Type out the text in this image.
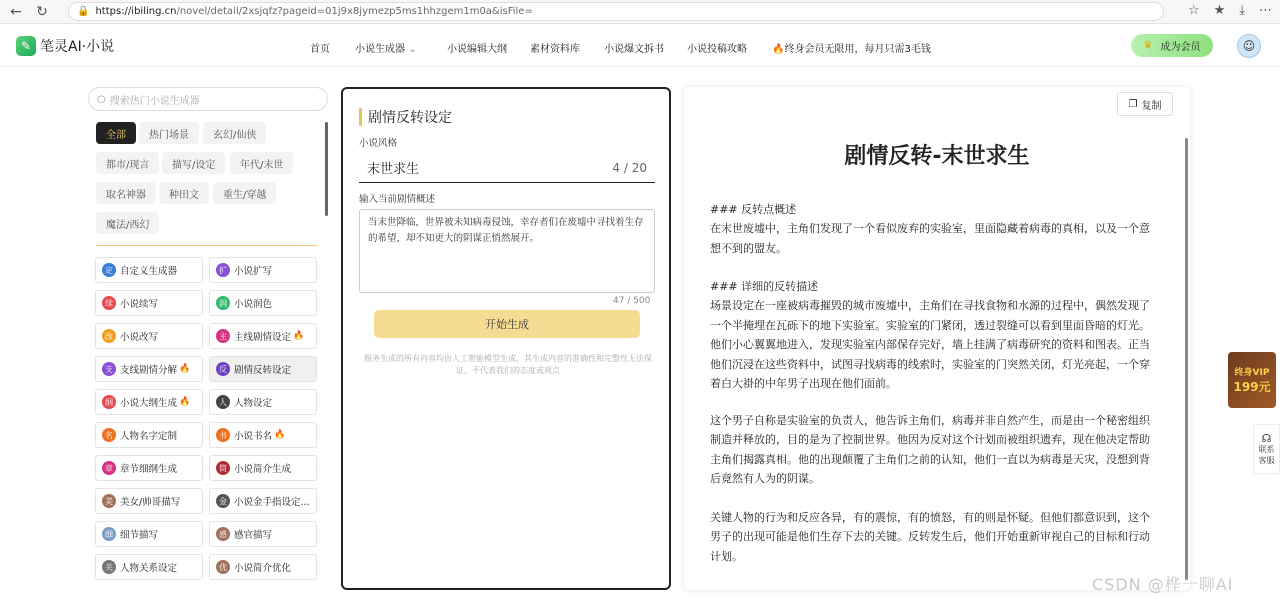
← ↻	🔒 https://ibiling.cn /novel/detail/2xsjqfz?pageid=01j9x8jymezp5ms1hhzgem1m0a&isFile=	☆ ★ ⤓ ⋯
✎ 笔灵AI·小说	首页	小说生成器 ⌄	小说编辑大纲 素材资料库 小说爆文拆书 小说投稿攻略	🔥终身会员无限用，每月只需3毛钱	♛ 成为会员	☺
○ 搜索热门小说生成器
全部	热门场景	玄幻/仙侠
都市/现言	描写/设定	年代/末世
取名神器	种田文	重生/穿越
魔法/西幻
定 自定义生成器	扩 小说扩写
续 小说续写	润 小说润色
改 小说改写	主 主线剧情设定 🔥
支 支线剧情分解 🔥	反 剧情反转设定
纲 小说大纲生成 🔥	人 人物设定
名 人物名字定制	书 小说书名 🔥
章 章节细纲生成	简 小说简介生成
美 美女/帅哥描写	金 小说金手指设定...
细 细节描写	感 感官描写
关 人物关系设定	优 小说简介优化
剧情反转设定
小说风格
末世求生	4 / 20
输入当前剧情概述
当末世降临，世界被未知病毒侵蚀，幸存者们在废墟中寻找着生存的希望，却不知更大的阴谋正悄然展开。
47 / 500
开始生成
服务生成的所有内容均由人工智能模型生成，其生成内容的准确性和完整性无法保证，不代表我们的态度或观点
❐ 复制
剧情反转-末世求生
### 反转点概述
在末世废墟中，主角们发现了一个看似废弃的实验室，里面隐藏着病毒的真相，以及一个意想不到的盟友。
### 详细的反转描述
场景设定在一座被病毒摧毁的城市废墟中，主角们在寻找食物和水源的过程中，偶然发现了一个半掩埋在瓦砾下的地下实验室。实验室的门紧闭，透过裂缝可以看到里面昏暗的灯光。他们小心翼翼地进入，发现实验室内部保存完好，墙上挂满了病毒研究的资料和图表。正当他们沉浸在这些资料中，试图寻找病毒的线索时，实验室的门突然关闭，灯光亮起，一个穿着白大褂的中年男子出现在他们面前。
这个男子自称是实验室的负责人，他告诉主角们，病毒并非自然产生，而是由一个秘密组织制造并释放的，目的是为了控制世界。他因为反对这个计划而被组织遗弃，现在他决定帮助主角们揭露真相。他的出现颠覆了主角们之前的认知，他们一直以为病毒是天灾，没想到背后竟然有人为的阴谋。
关键人物的行为和反应各异，有的震惊，有的愤怒，有的则是怀疑。但他们都意识到，这个男子的出现可能是他们生存下去的关键。反转发生后，他们开始重新审视自己的目标和行动计划。
终身VIP
199元
☊
联系
客服
CSDN @桦一聊AI
